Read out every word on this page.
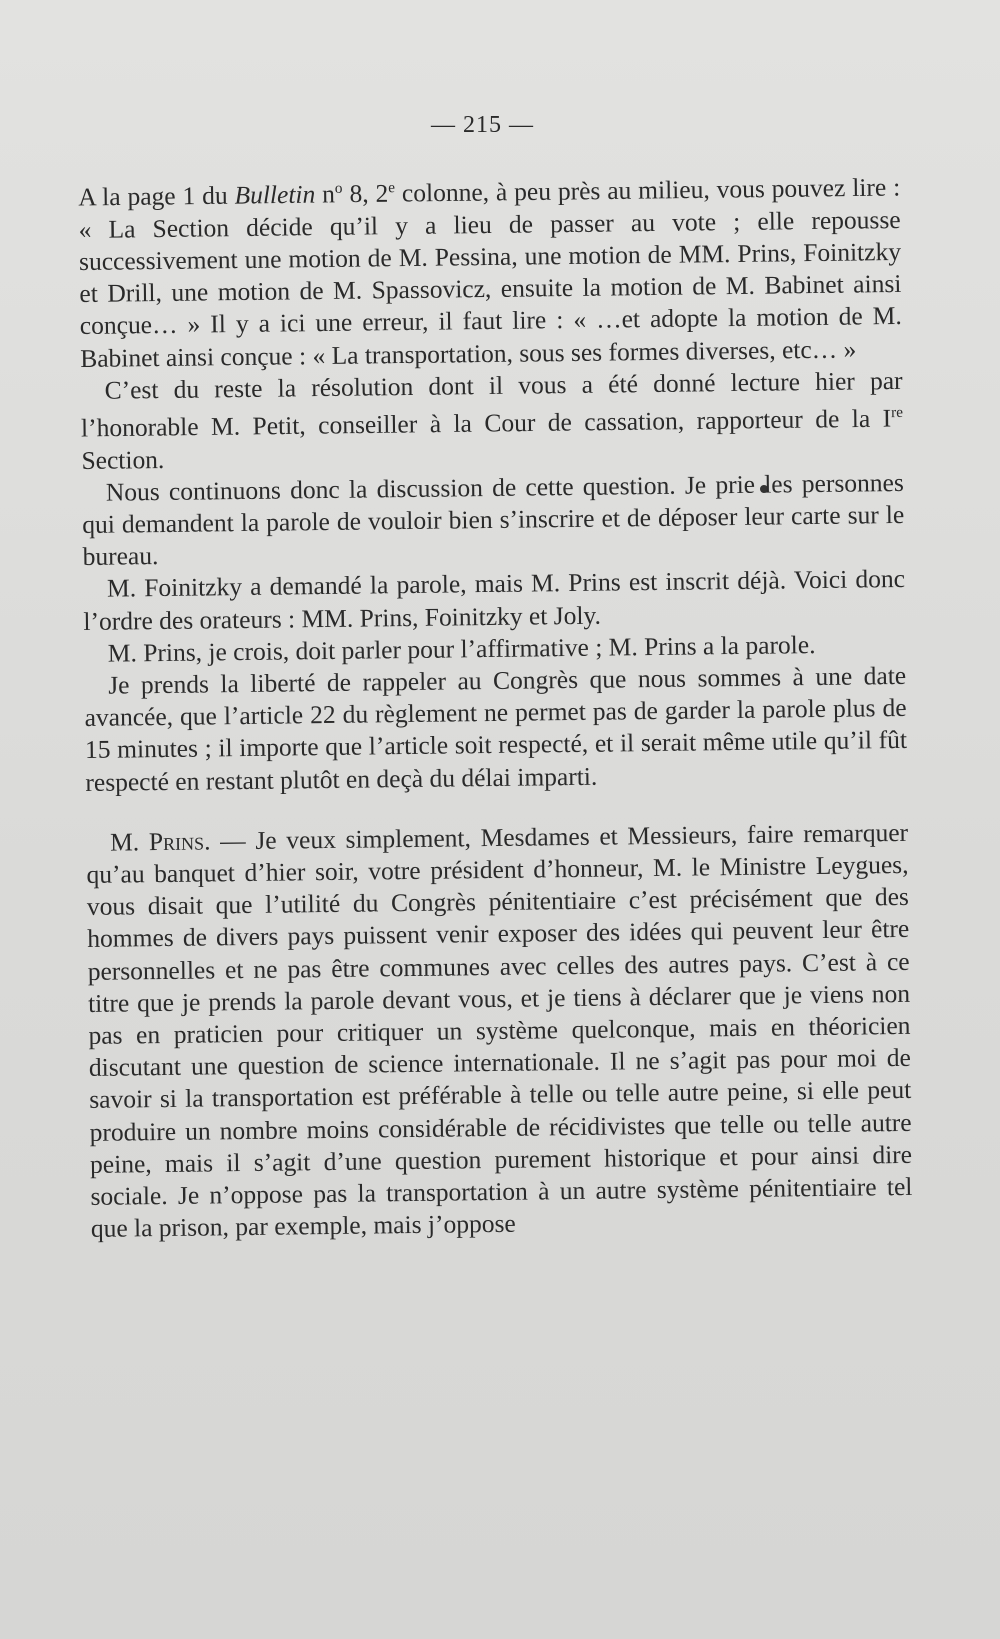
— 215 —

A la page 1 du Bulletin $n^o$ 8, 2e colonne, à peu près au milieu, vous pouvez lire : « La Section décide qu’il y a lieu de passer au vote ; elle repousse successivement une motion de M. Pessina, une motion de MM. Prins, Foinitzky et Drill, une motion de M. Spassovicz, ensuite la motion de M. Babinet ainsi conçue… » Il y a ici une erreur, il faut lire : « …et adopte la motion de M. Babinet ainsi conçue : « La transportation, sous ses formes diverses, etc… »

C’est du reste la résolution dont il vous a été donné lecture hier par l’honorable M. Petit, conseiller à la Cour de cassation, rapporteur de la Ire Section.

Nous continuons donc la discussion de cette question. Je prie les personnes qui demandent la parole de vouloir bien s’inscrire et de déposer leur carte sur le bureau.

M. Foinitzky a demandé la parole, mais M. Prins est inscrit déjà. Voici donc l’ordre des orateurs : MM. Prins, Foinitzky et Joly.

M. Prins, je crois, doit parler pour l’affirmative ; M. Prins a la parole.

Je prends la liberté de rappeler au Congrès que nous sommes à une date avancée, que l’article 22 du règlement ne permet pas de garder la parole plus de 15 minutes ; il importe que l’article soit respecté, et il serait même utile qu’il fût respecté en restant plutôt en deçà du délai imparti.

M. Prins. — Je veux simplement, Mesdames et Messieurs, faire remarquer qu’au banquet d’hier soir, votre président d’honneur, M. le Ministre Leygues, vous disait que l’utilité du Congrès pénitentiaire c’est précisément que des hommes de divers pays puissent venir exposer des idées qui peuvent leur être personnelles et ne pas être communes avec celles des autres pays. C’est à ce titre que je prends la parole devant vous, et je tiens à déclarer que je viens non pas en praticien pour critiquer un système quelconque, mais en théoricien discutant une question de science internationale. Il ne s’agit pas pour moi de savoir si la transportation est préférable à telle ou telle autre peine, si elle peut produire un nombre moins considérable de récidivistes que telle ou telle autre peine, mais il s’agit d’une question purement historique et pour ainsi dire sociale. Je n’oppose pas la transportation à un autre système pénitentiaire tel que la prison, par exemple, mais j’oppose
